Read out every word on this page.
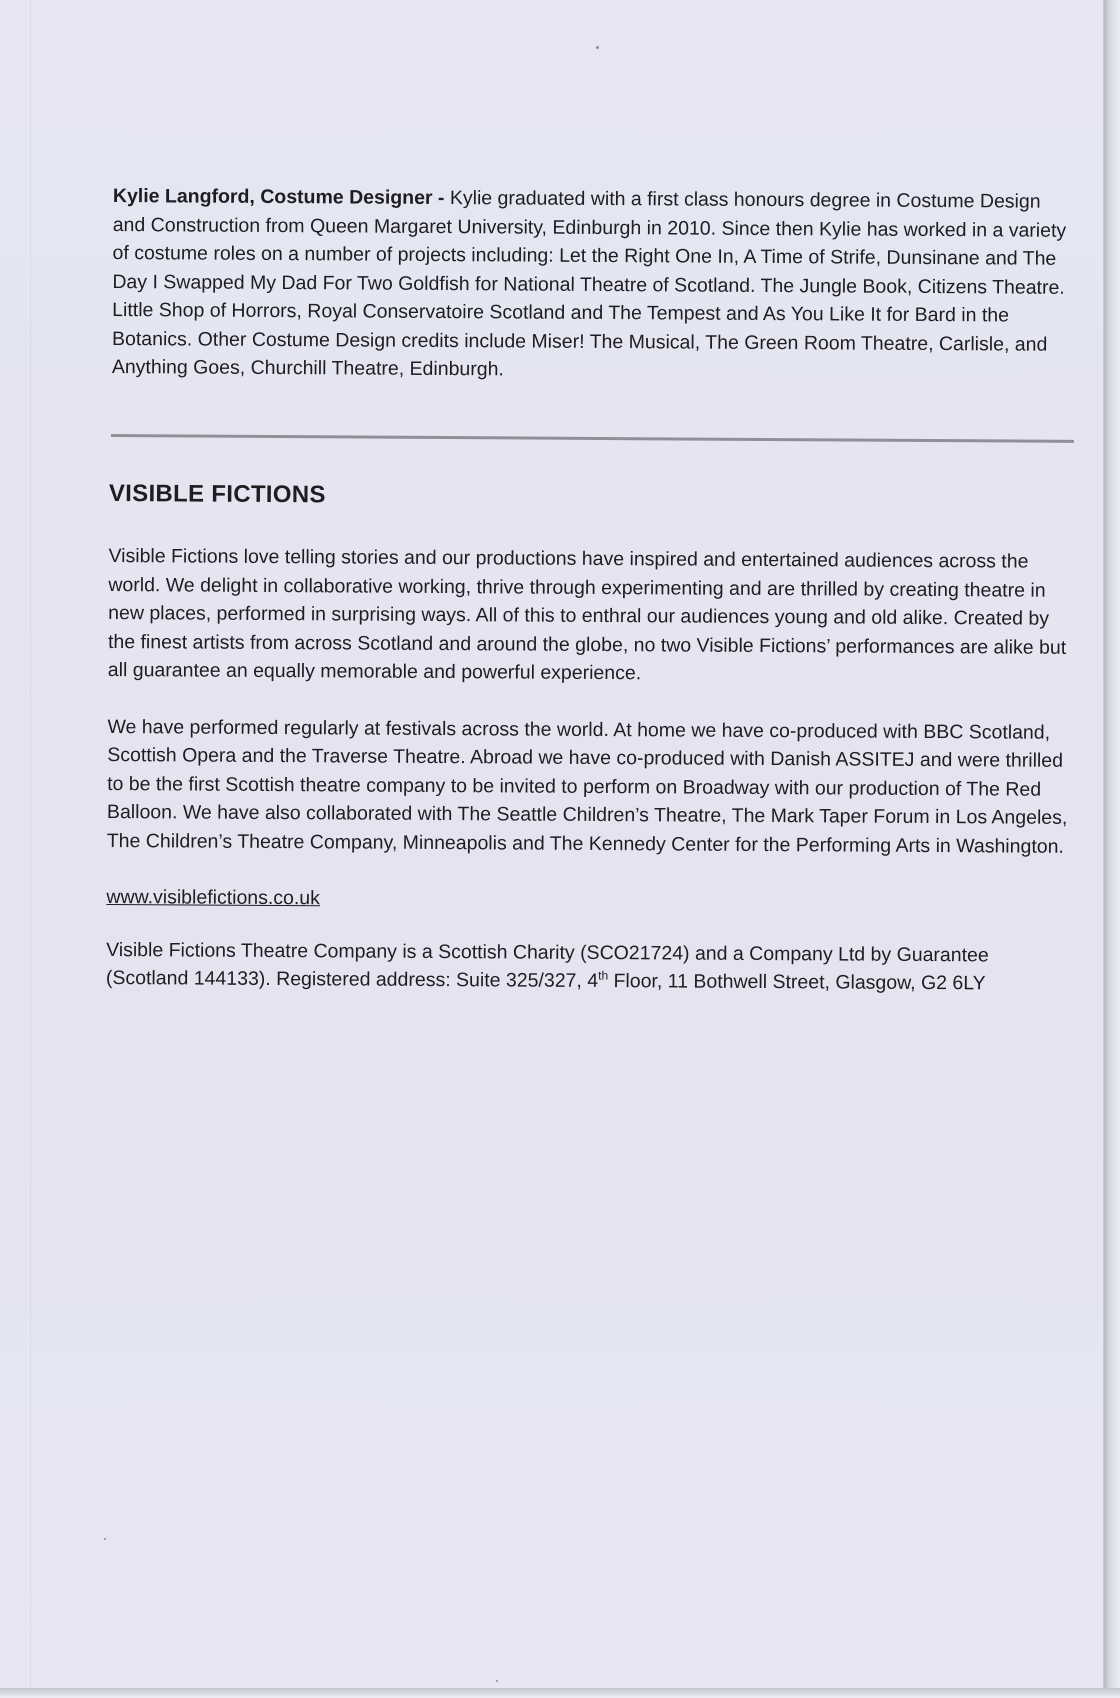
Kylie Langford, Costume Designer - Kylie graduated with a first class honours degree in Costume Design and Construction from Queen Margaret University, Edinburgh in 2010. Since then Kylie has worked in a variety of costume roles on a number of projects including: Let the Right One In, A Time of Strife, Dunsinane and The Day I Swapped My Dad For Two Goldfish for National Theatre of Scotland. The Jungle Book, Citizens Theatre. Little Shop of Horrors, Royal Conservatoire Scotland and The Tempest and As You Like It for Bard in the Botanics. Other Costume Design credits include Miser! The Musical, The Green Room Theatre, Carlisle, and Anything Goes, Churchill Theatre, Edinburgh.

VISIBLE FICTIONS

Visible Fictions love telling stories and our productions have inspired and entertained audiences across the world. We delight in collaborative working, thrive through experimenting and are thrilled by creating theatre in new places, performed in surprising ways. All of this to enthral our audiences young and old alike. Created by the finest artists from across Scotland and around the globe, no two Visible Fictions’ performances are alike but all guarantee an equally memorable and powerful experience.

We have performed regularly at festivals across the world. At home we have co-produced with BBC Scotland, Scottish Opera and the Traverse Theatre. Abroad we have co-produced with Danish ASSITEJ and were thrilled to be the first Scottish theatre company to be invited to perform on Broadway with our production of The Red Balloon. We have also collaborated with The Seattle Children’s Theatre, The Mark Taper Forum in Los Angeles, The Children’s Theatre Company, Minneapolis and The Kennedy Center for the Performing Arts in Washington.

www.visiblefictions.co.uk

Visible Fictions Theatre Company is a Scottish Charity (SCO21724) and a Company Ltd by Guarantee (Scotland 144133). Registered address: Suite 325/327, 4th Floor, 11 Bothwell Street, Glasgow, G2 6LY
